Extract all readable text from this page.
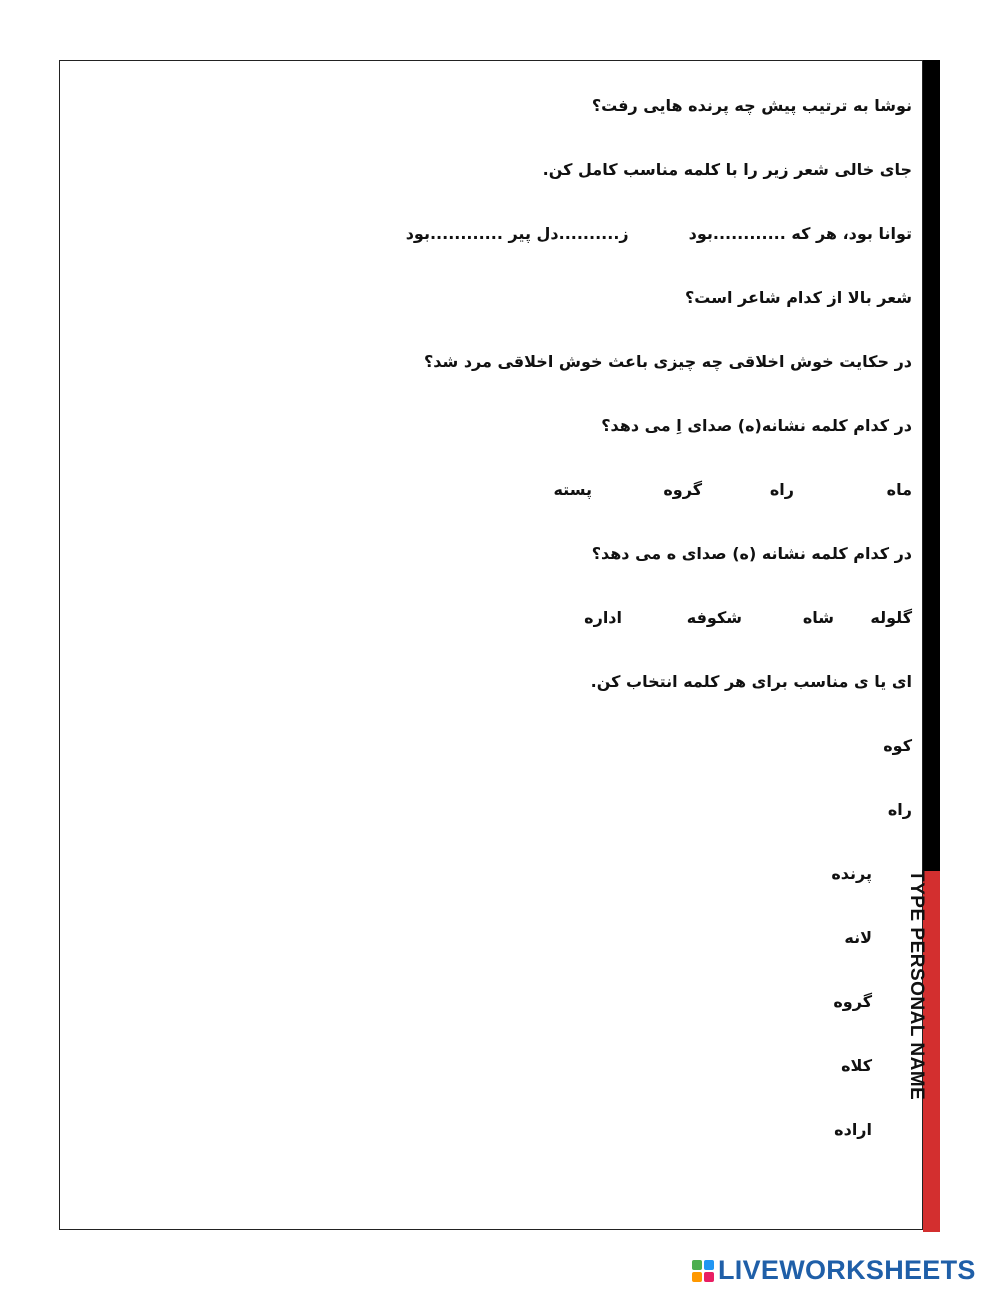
TYPE PERSONAL NAME
نوشا به ترتیب پیش چه پرنده هایی رفت؟
جای خالی شعر زیر را با کلمه مناسب کامل کن.
توانا بود، هر که ............بود
ز..........دل پیر ............بود
شعر بالا از کدام شاعر است؟
در حکایت خوش اخلاقی چه چیزی باعث خوش اخلاقی مرد شد؟
در کدام کلمه نشانه(ه) صدای اِ می دهد؟
ماه
راه
گروه
پسته
در کدام کلمه نشانه (ه) صدای ه می دهد؟
گلوله
شاه
شکوفه
اداره
ای یا ی مناسب برای هر کلمه انتخاب کن.
کوه
راه
پرنده
لانه
گروه
کلاه
اراده
LIVEWORKSHEETS
